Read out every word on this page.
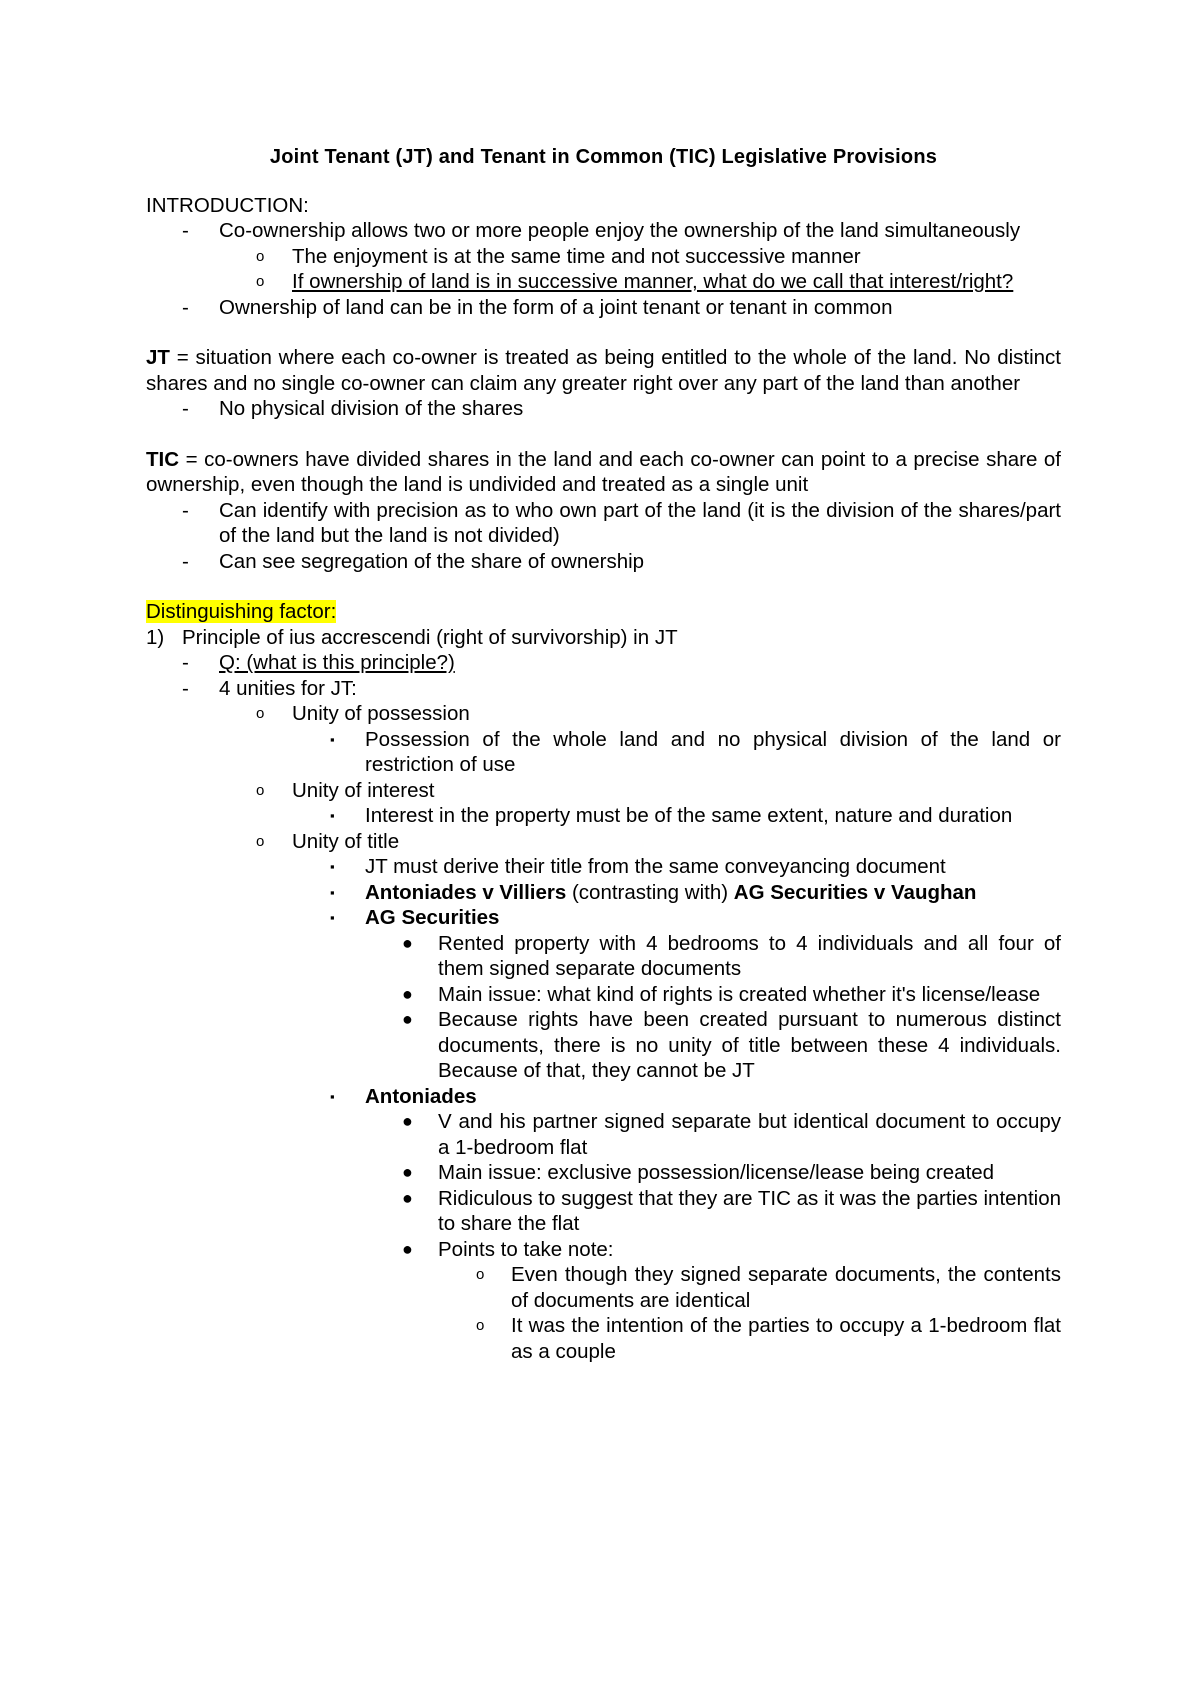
Joint Tenant (JT) and Tenant in Common (TIC) Legislative Provisions

INTRODUCTION:

- Co-ownership allows two or more people enjoy the ownership of the land simultaneously
o The enjoyment is at the same time and not successive manner
o If ownership of land is in successive manner, what do we call that interest/right?
- Ownership of land can be in the form of a joint tenant or tenant in common

JT = situation where each co-owner is treated as being entitled to the whole of the land. No distinct shares and no single co-owner can claim any greater right over any part of the land than another

- No physical division of the shares

TIC = co-owners have divided shares in the land and each co-owner can point to a precise share of ownership, even though the land is undivided and treated as a single unit

- Can identify with precision as to who own part of the land (it is the division of the shares/part of the land but the land is not divided)
- Can see segregation of the share of ownership

Distinguishing factor:

1) Principle of ius accrescendi (right of survivorship) in JT
- Q: (what is this principle?)
- 4 unities for JT:
o Unity of possession
▪ Possession of the whole land and no physical division of the land or restriction of use
o Unity of interest
▪ Interest in the property must be of the same extent, nature and duration
o Unity of title
▪ JT must derive their title from the same conveyancing document
▪ Antoniades v Villiers (contrasting with) AG Securities v Vaughan
▪ AG Securities
● Rented property with 4 bedrooms to 4 individuals and all four of them signed separate documents
● Main issue: what kind of rights is created whether it's license/lease
● Because rights have been created pursuant to numerous distinct documents, there is no unity of title between these 4 individuals. Because of that, they cannot be JT
▪ Antoniades
● V and his partner signed separate but identical document to occupy a 1-bedroom flat
● Main issue: exclusive possession/license/lease being created
● Ridiculous to suggest that they are TIC as it was the parties intention to share the flat
● Points to take note:
o Even though they signed separate documents, the contents of documents are identical
o It was the intention of the parties to occupy a 1-bedroom flat as a couple
